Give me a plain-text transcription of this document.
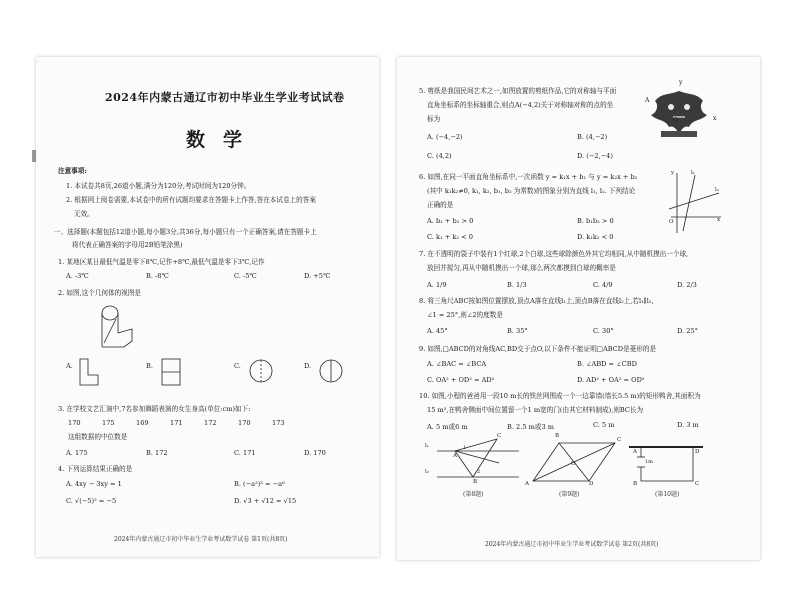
2024年内蒙古通辽市初中毕业生学业考试试卷
数学
注意事项:
1. 本试卷共8页,26道小题,满分为120分,考试时间为120分钟。
2. 根据网上阅卷需要,本试卷中的所有试题均要求在答题卡上作答,答在本试卷上的答案
无效。
一、选择题(本题包括12道小题,每小题3分,共36分,每小题只有一个正确答案,请在答题卡上
将代表正确答案的字母用2B铅笔涂黑)
1. 某地区某日最低气温是零下8℃,记作+8℃,最低气温是零下3℃,记作
A. -3℃	B. -8℃	C. -5℃	D. +5℃
2. 如图,这个几何体的视图是
A.	B.	C.	D.
3. 在学校文艺汇演中,7名参加舞蹈表演的女生身高(单位:cm)如下:
170	175	169	171	172	170	173
这组数据的中位数是
A. 175	B. 172	C. 171	D. 170
4. 下列运算结果正确的是
A. 4xy − 3xy = 1	B. (−a²)³ = −a⁶
C. √(−5)² = −5	D. √3 + √12 = √15
2024年内蒙古通辽市初中毕业生学业考试数学试卷 第1页(共8页)
5. 剪纸是我国民间艺术之一,如图放置的剪纸作品,它的对称轴与平面
直角坐标系的坐标轴重合,则点A(−4,2)关于对称轴对称的点的坐
标为
A. (−4,−2)	B. (4,−2)
C. (4,2)	D. (−2,−4)
A
y
x
O
6. 如图,在同一平面直角坐标系中,一次函数 y = k₁x + b₁ 与 y = k₂x + b₂
(其中 k₁k₂≠0, k₁, k₂, b₁, b₂ 为常数)的图象分别为直线 l₁, l₂. 下列结论
正确的是
A. b₁ + b₂ > 0	B. b₁b₂ > 0
C. k₁ + k₂ < 0	D. k₁k₂ < 0
y
x
O
l₁
l₂
7. 在不透明的袋子中装有1个红球,2个白球,这些球除颜色外其它均相同,从中随机摸出一个球,
放回并搅匀,再从中随机摸出一个球,那么两次都摸到白球的概率是
A. 1/9	B. 1/3	C. 4/9	D. 2/3
8. 将三角尺ABC按如图位置摆放,顶点A落在直线l₁上,顶点B落在直线l₂上,若l₁∥l₂,
∠1 = 25°,则∠2的度数是
A. 45°	B. 35°	C. 30°	D. 25°
9. 如图,□ABCD的对角线AC,BD交于点O,以下条件不能证明□ABCD是菱形的是
A. ∠BAC = ∠BCA	B. ∠ABD = ∠CBD
C. OA² + OD² = AD²	D. AD² + OA² = OD²
10. 如图,小程的爸爸用一段10 m长的铁丝网围成一个一边靠墙(墙长5.5 m)的矩形鸭舍,其面积为
15 m²,在鸭舍侧面中间位置留一个1 m宽的门(由其它材料制成),则BC长为
A. 5 m或6 m	B. 2.5 m或3 m	C. 5 m	D. 3 m
l₁
l₂
A
B
C
1
2
(第8题)
A
B
C
D
O
(第9题)
A
B	C
D
1m
(第10题)
2024年内蒙古通辽市初中毕业生学业考试数学试卷 第2页(共8页)
